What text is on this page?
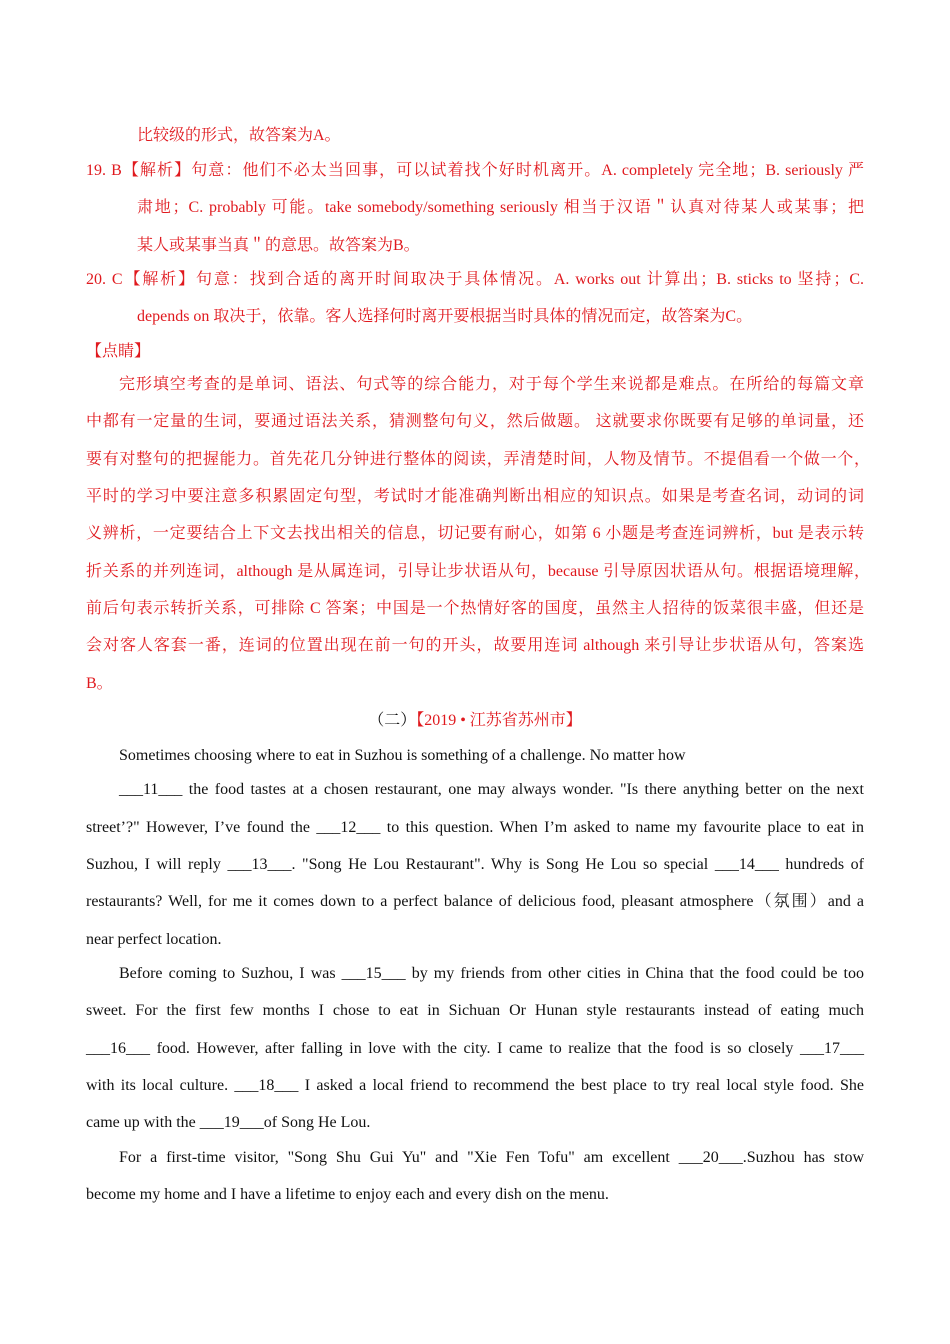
比较级的形式，故答案为A。
19. B【解析】句意：他们不必太当回事，可以试着找个好时机离开。A. completely 完全地；B. seriously 严
肃地；C. probably 可能。take somebody/something seriously 相当于汉语＂认真对待某人或某事；把
某人或某事当真＂的意思。故答案为B。
20. C【解析】句意：找到合适的离开时间取决于具体情况。A. works out 计算出；B. sticks to 坚持；C.
depends on 取决于，依靠。客人选择何时离开要根据当时具体的情况而定，故答案为C。
【点睛】
完形填空考查的是单词、语法、句式等的综合能力，对于每个学生来说都是难点。在所给的每篇文章
中都有一定量的生词，要通过语法关系，猜测整句句义，然后做题。 这就要求你既要有足够的单词量，还
要有对整句的把握能力。首先花几分钟进行整体的阅读，弄清楚时间，人物及情节。不提倡看一个做一个，
平时的学习中要注意多积累固定句型，考试时才能准确判断出相应的知识点。如果是考查名词，动词的词
义辨析，一定要结合上下文去找出相关的信息，切记要有耐心，如第 6 小题是考查连词辨析，but 是表示转
折关系的并列连词，although 是从属连词，引导让步状语从句，because 引导原因状语从句。根据语境理解，
前后句表示转折关系，可排除 C 答案；中国是一个热情好客的国度，虽然主人招待的饭菜很丰盛，但还是
会对客人客套一番，连词的位置出现在前一句的开头，故要用连词 although 来引导让步状语从句，答案选
B。
（二）【2019 • 江苏省苏州市】
Sometimes choosing where to eat in Suzhou is something of a challenge. No matter how
___11___ the food tastes at a chosen restaurant, one may always wonder. "Is there anything better on the next
street’?" However, I’ve found the ___12___ to this question. When I’m asked to name my favourite place to eat in
Suzhou, I will reply ___13___. "Song He Lou Restaurant". Why is Song He Lou so special ___14___ hundreds of
restaurants? Well, for me it comes down to a perfect balance of delicious food, pleasant atmosphere（氛围）and a
near perfect location.
Before coming to Suzhou, I was ___15___ by my friends from other cities in China that the food could be too
sweet. For the first few months I chose to eat in Sichuan Or Hunan style restaurants instead of eating much
___16___ food. However, after falling in love with the city. I came to realize that the food is so closely ___17___
with its local culture. ___18___ I asked a local friend to recommend the best place to try real local style food. She
came up with the ___19___of Song He Lou.
For a first-time visitor, "Song Shu Gui Yu" and "Xie Fen Tofu" am excellent ___20___.Suzhou has stow
become my home and I have a lifetime to enjoy each and every dish on the menu.
